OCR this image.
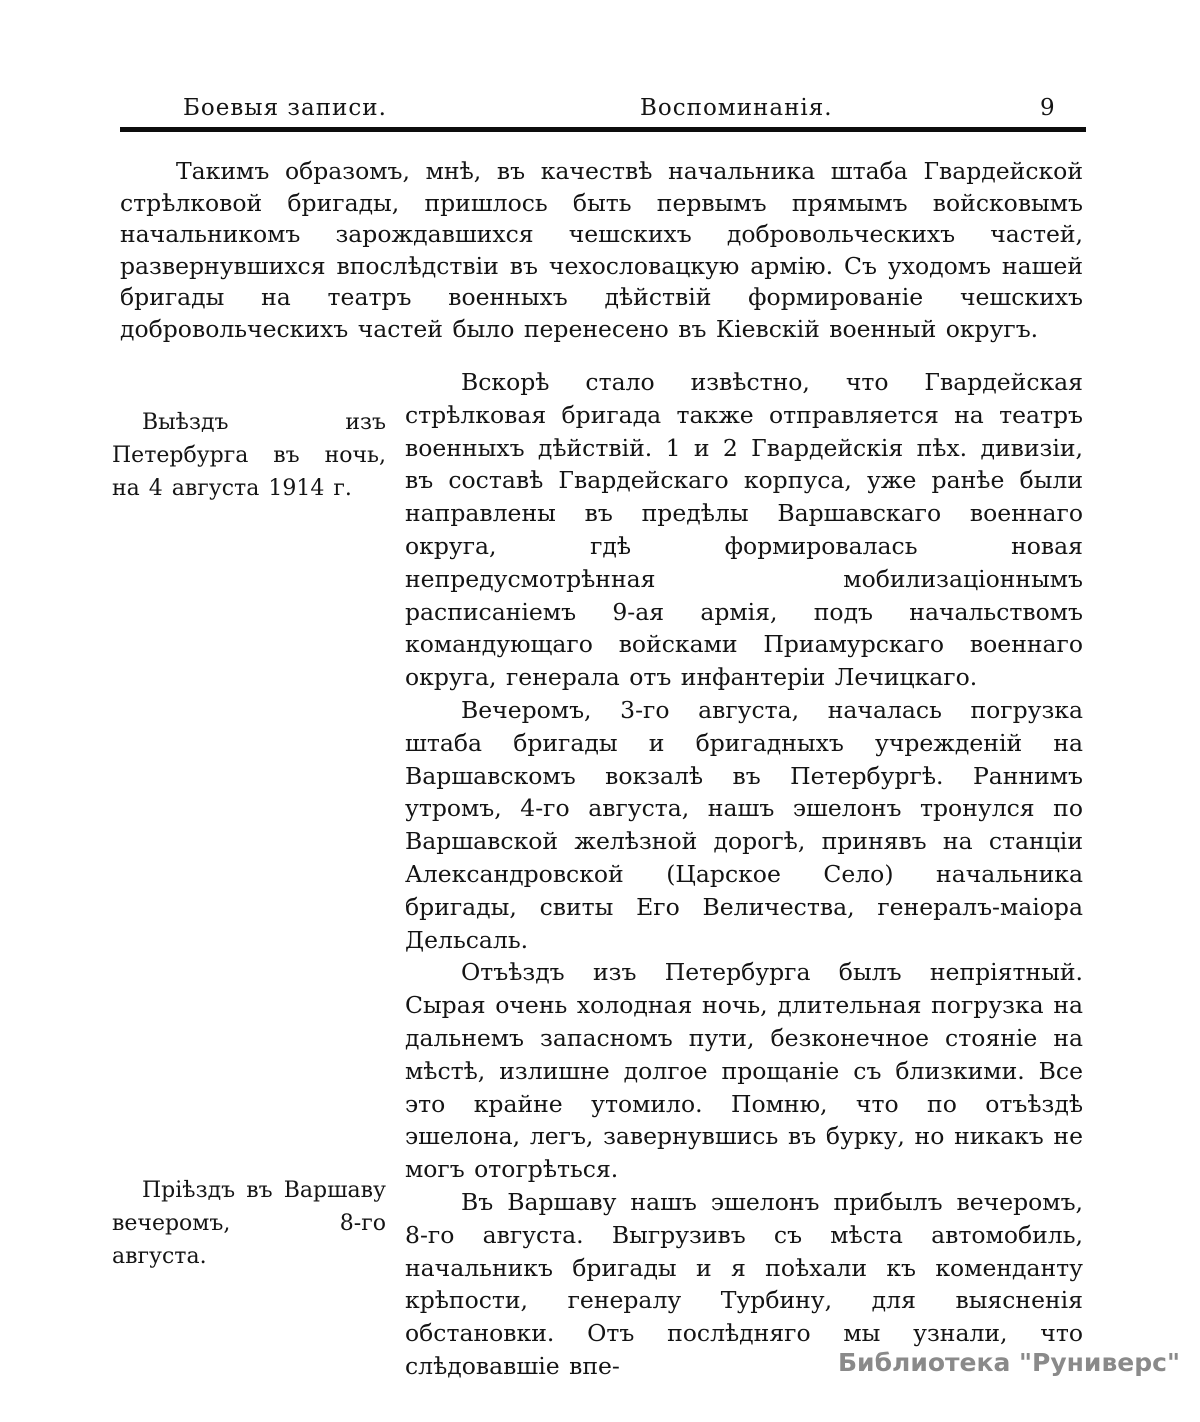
Боевыя записи.	Воспоминанія.	9

Такимъ образомъ, мнѣ, въ качествѣ начальника штаба Гвардейской стрѣлковой бригады, пришлось быть первымъ прямымъ войсковымъ начальникомъ зарождавшихся чешскихъ добровольческихъ частей, развернувшихся впослѣдствіи въ чехословацкую армію. Съ уходомъ нашей бригады на театръ военныхъ дѣйствій формированіе чешскихъ добровольческихъ частей было перенесено въ Кіевскій военный округъ.

Выѣздъ изъ Петербурга въ ночь, на 4 августа 1914 г.
Пріѣздъ въ Варшаву вечеромъ, 8-го августа.

Вскорѣ стало извѣстно, что Гвардейская стрѣлковая бригада также отправляется на театръ военныхъ дѣйствій. 1 и 2 Гвардейскія пѣх. дивизіи, въ составѣ Гвардейскаго корпуса, уже ранѣе были направлены въ предѣлы Варшавскаго военнаго округа, гдѣ формировалась новая непредусмотрѣнная мобилизаціоннымъ расписаніемъ 9-ая армія, подъ начальствомъ командующаго войсками Приамурскаго военнаго округа, генерала отъ инфантеріи Лечицкаго.

Вечеромъ, 3-го августа, началась погрузка штаба бригады и бригадныхъ учрежденій на Варшавскомъ вокзалѣ въ Петербургѣ. Раннимъ утромъ, 4-го августа, нашъ эшелонъ тронулся по Варшавской желѣзной дорогѣ, принявъ на станціи Александровской (Царское Село) начальника бригады, свиты Его Величества, генералъ-маіора Дельсаль.

Отъѣздъ изъ Петербурга былъ непріятный. Сырая очень холодная ночь, длительная погрузка на дальнемъ запасномъ пути, безконечное стояніе на мѣстѣ, излишне долгое прощаніе съ близкими. Все это крайне утомило. Помню, что по отъѣздѣ эшелона, легъ, завернувшись въ бурку, но никакъ не могъ отогрѣться.

Въ Варшаву нашъ эшелонъ прибылъ вечеромъ, 8-го августа. Выгрузивъ съ мѣста автомобиль, начальникъ бригады и я поѣхали къ коменданту крѣпости, генералу Турбину, для выясненія обстановки. Отъ послѣдняго мы узнали, что слѣдовавшіе впе-	Библиотека "Руниверс"
